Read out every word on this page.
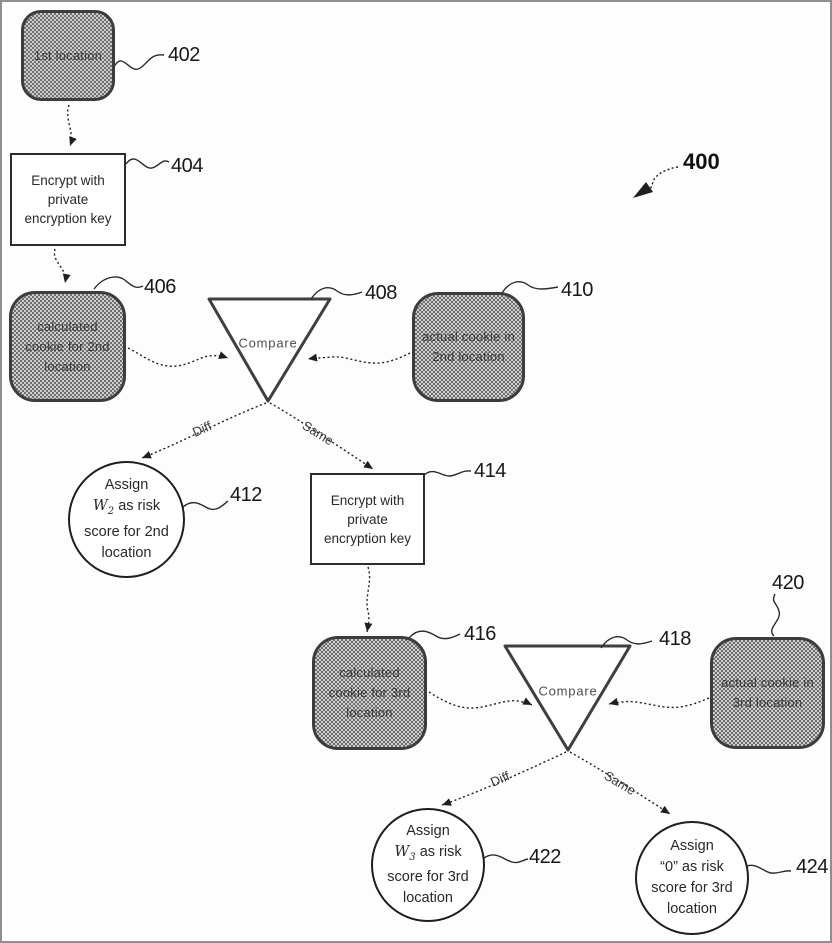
1st location
Encrypt with
private
encryption key
calculated
cookie for 2nd
location
actual cookie in
2nd location
Assign
$W_2$ as risk
score for 2nd
location
Encrypt with
private
encryption key
calculated
cookie for 3rd
location
actual cookie in
3rd location
Assign
$W_3$ as risk
score for 3rd
location
Assign
“0” as risk
score for 3rd
location
Compare
Compare
Diff	Same
Diff	Same
402
404
406	408	410
412
414
416	418
420
422	424
400
